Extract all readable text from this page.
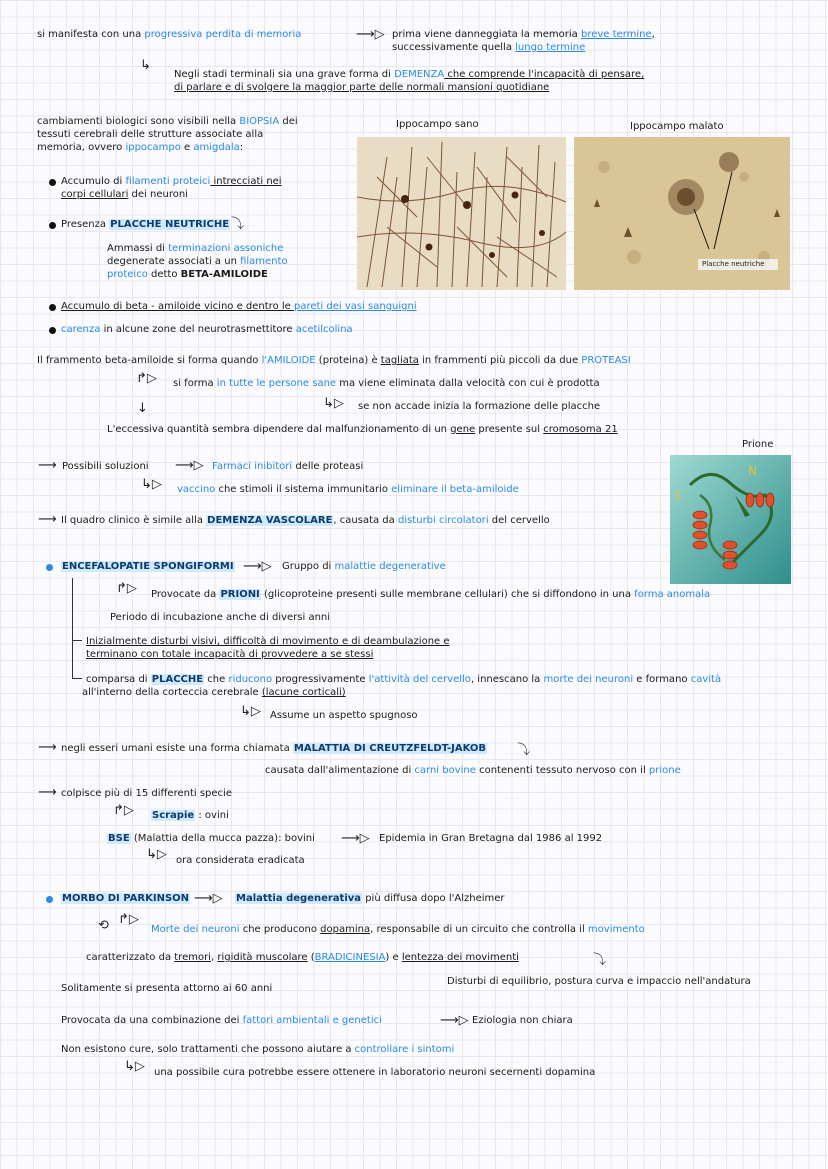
si manifesta con una progressiva perdita di memoria	⟶▷ prima viene danneggiata la memoria breve termine,
successivamente quella lungo termine
↳
Negli stadi terminali sia una grave forma di DEMENZA che comprende l'incapacità di pensare,
di parlare e di svolgere la maggior parte delle normali mansioni quotidiane
cambiamenti biologici sono visibili nella BIOPSIA dei
tessuti cerebrali delle strutture associate alla
memoria, ovvero ippocampo e amigdala:
Ippocampo sano	Ippocampo malato
Placche neutriche
Accumulo di filamenti proteici intrecciati nei
corpi cellulari dei neuroni
Presenza PLACCHE NEUTRICHE ⤵
Ammassi di terminazioni assoniche
degenerate associati a un filamento
proteico detto BETA-AMILOIDE
Accumulo di beta - amiloide vicino e dentro le pareti dei vasi sanguigni
carenza in alcune zone del neurotrasmettitore acetilcolina
Il frammento beta-amiloide si forma quando l'AMILOIDE (proteina) è tagliata in frammenti più piccoli da due PROTEASI
↱▷ si forma in tutte le persone sane ma viene eliminata dalla velocità con cui è prodotta
↳▷ se non accade inizia la formazione delle placche
↓
L'eccessiva quantità sembra dipendere dal malfunzionamento di un gene presente sul cromosoma 21
Prione
N
C
⟶ Possibili soluzioni ⟶▷ Farmaci inibitori delle proteasi
↳▷ vaccino che stimoli il sistema immunitario eliminare il beta-amiloide
⟶ Il quadro clinico è simile alla DEMENZA VASCOLARE, causata da disturbi circolatori del cervello
ENCEFALOPATIE SPONGIFORMI ⟶▷ Gruppo di malattie degenerative
↱▷ Provocate da PRIONI (glicoproteine presenti sulle membrane cellulari) che si diffondono in una forma anomala
Periodo di incubazione anche di diversi anni
Inizialmente disturbi visivi, difficoltà di movimento e di deambulazione e
terminano con totale incapacità di provvedere a se stessi
comparsa di PLACCHE che riducono progressivamente l'attività del cervello, innescano la morte dei neuroni e formano cavità
all'interno della corteccia cerebrale (lacune corticali)
↳▷ Assume un aspetto spugnoso
⟶ negli esseri umani esiste una forma chiamata MALATTIA DI CREUTZFELDT-JAKOB ⤵
causata dall'alimentazione di carni bovine contenenti tessuto nervoso con il prione
⟶ colpisce più di 15 differenti specie
↱▷ Scrapie : ovini
BSE (Malattia della mucca pazza): bovini ⟶▷ Epidemia in Gran Bretagna dal 1986 al 1992
↳▷ ora considerata eradicata
MORBO DI PARKINSON ⟶▷ Malattia degenerativa più diffusa dopo l'Alzheimer
↱▷
⟲	Morte dei neuroni che producono dopamina, responsabile di un circuito che controlla il movimento
caratterizzato da tremori, rigidità muscolare (BRADICINESIA) e lentezza dei movimenti	⤵
Disturbi di equilibrio, postura curva e impaccio nell'andatura
Solitamente si presenta attorno ai 60 anni
Provocata da una combinazione dei fattori ambientali e genetici	⟶▷ Eziologia non chiara
Non esistono cure, solo trattamenti che possono aiutare a controllare i sintomi
↳▷ una possibile cura potrebbe essere ottenere in laboratorio neuroni secernenti dopamina
